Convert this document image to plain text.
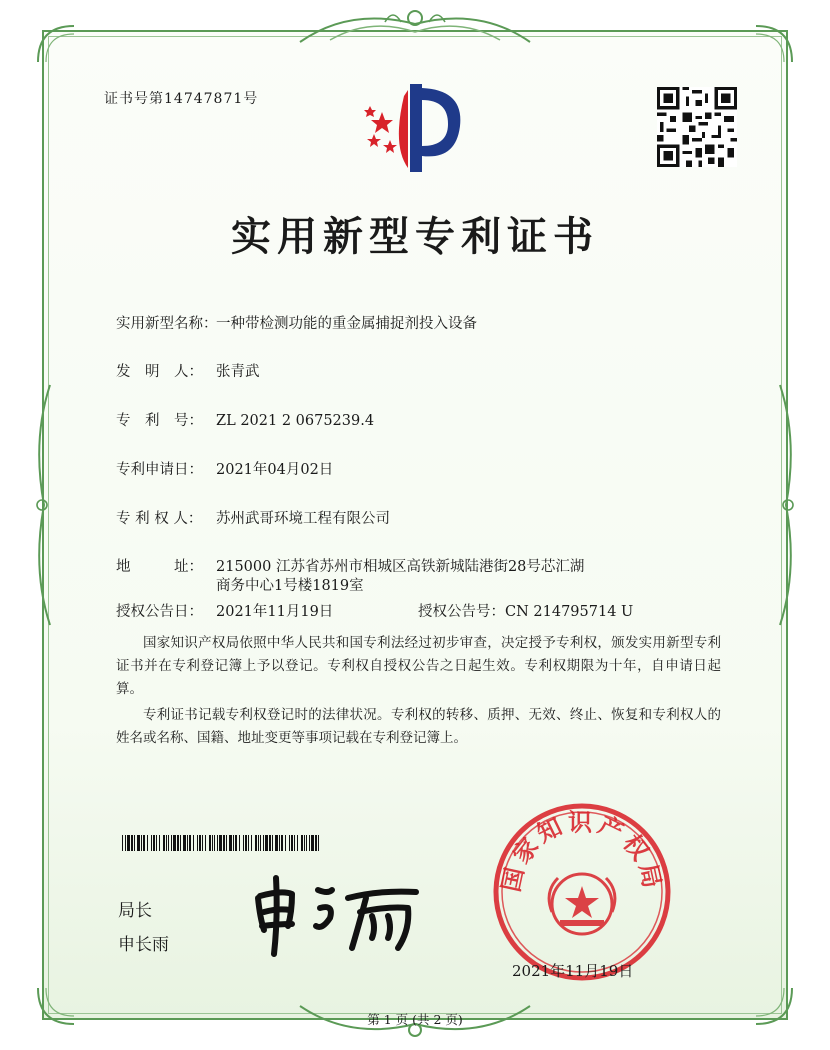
证书号第14747871号
实用新型专利证书
实用新型名称：一种带检测功能的重金属捕捉剂投入设备
发　明　人： 张青武
专　利　号： ZL 2021 2 0675239.4
专利申请日： 2021年04月02日
专 利 权 人： 苏州武哥环境工程有限公司
地　　　址： 215000 江苏省苏州市相城区高铁新城陆港街28号芯汇湖
商务中心1号楼1819室
授权公告日： 2021年11月19日	授权公告号：CN 214795714 U
国家知识产权局依照中华人民共和国专利法经过初步审查，决定授予专利权，颁发实用新型专利证书并在专利登记簿上予以登记。专利权自授权公告之日起生效。专利权期限为十年，自申请日起算。
专利证书记载专利权登记时的法律状况。专利权的转移、质押、无效、终止、恢复和专利权人的姓名或名称、国籍、地址变更等事项记载在专利登记簿上。
局长
申长雨
国家知识产权局
2021年11月19日
第 1 页 (共 2 页)
